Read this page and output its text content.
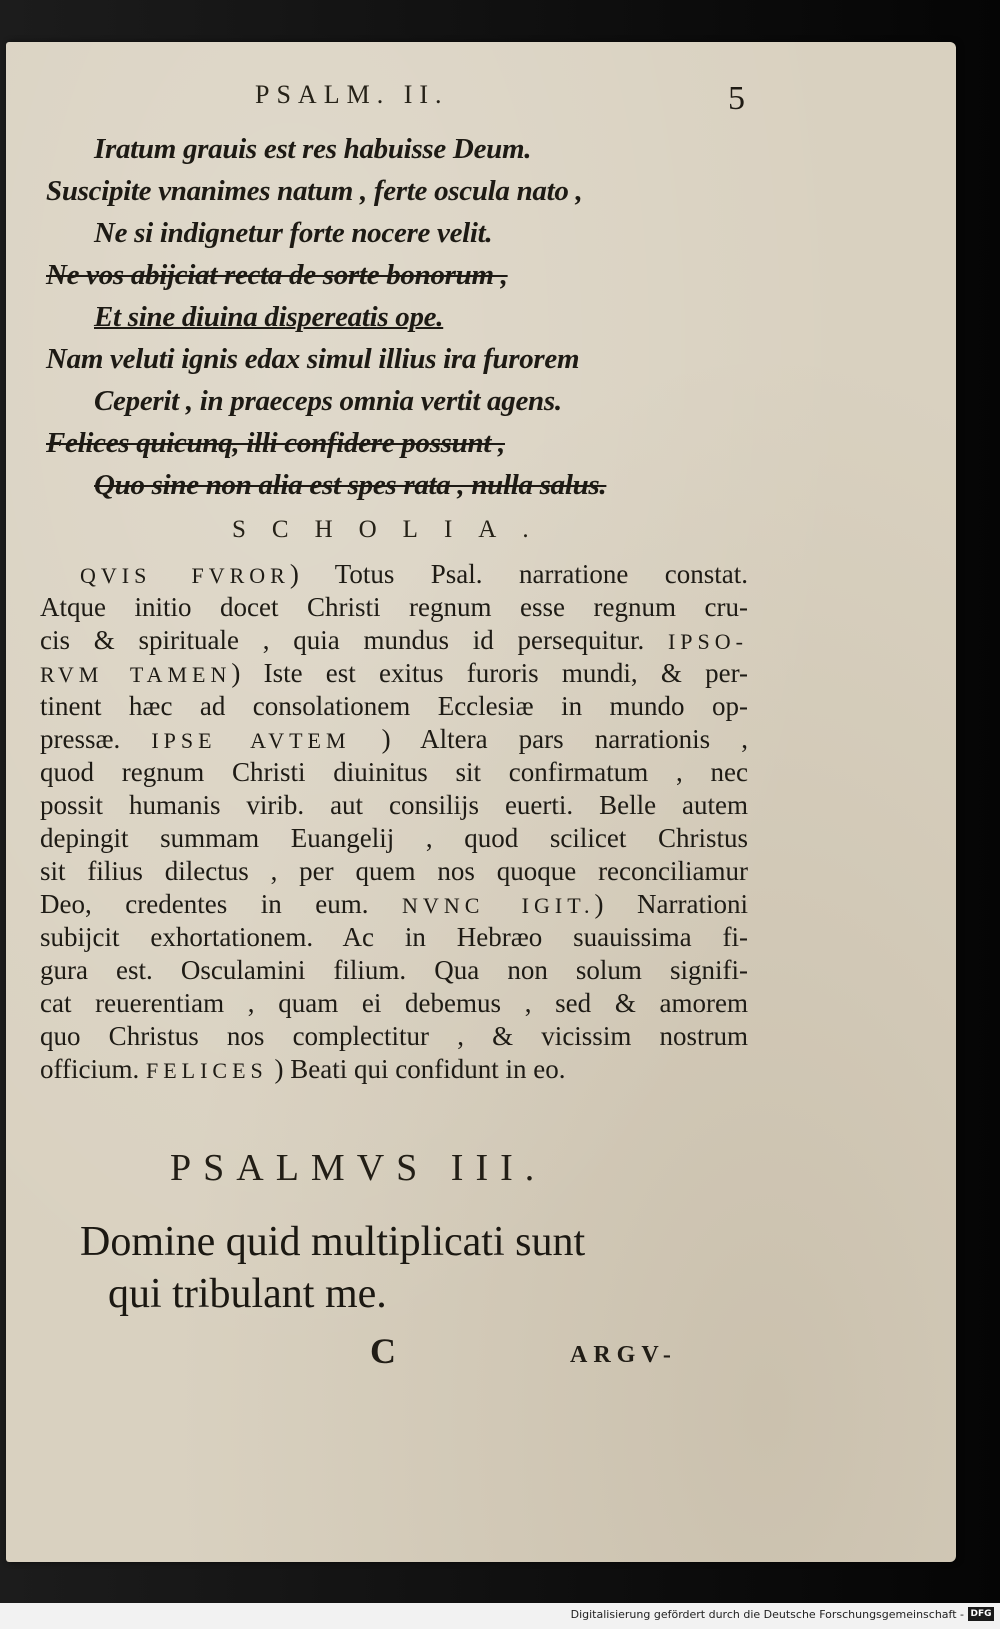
PSALM. II.	5
Iratum grauis est res habuisse Deum.
Suscipite vnanimes natum , ferte oscula nato ,
Ne si indignetur forte nocere velit.
Ne vos abijciat recta de sorte bonorum ,
Et sine diuina dispereatis ope.
Nam veluti ignis edax simul illius ira furorem
Ceperit , in praeceps omnia vertit agens.
Felices quicunq, illi confidere possunt ,
Quo sine non alia est spes rata , nulla salus.
SCHOLIA.
QVIS FVROR) Totus Psal. narratione constat.
Atque initio docet Christi regnum esse regnum cru-
cis & spirituale , quia mundus id persequitur. IPSO-
RVM TAMEN) Iste est exitus furoris mundi, & per-
tinent hæc ad consolationem Ecclesiæ in mundo op-
pressæ. IPSE AVTEM ) Altera pars narrationis ,
quod regnum Christi diuinitus sit confirmatum , nec
possit humanis virib. aut consilijs euerti. Belle autem
depingit summam Euangelij , quod scilicet Christus
sit filius dilectus , per quem nos quoque reconciliamur
Deo, credentes in eum. NVNC IGIT.) Narrationi
subijcit exhortationem. Ac in Hebræo suauissima fi-
gura est. Osculamini filium. Qua non solum signifi-
cat reuerentiam , quam ei debemus , sed & amorem
quo Christus nos complectitur , & vicissim nostrum
officium. FELICES ) Beati qui confidunt in eo.
PSALMVS III.
Domine quid multiplicati sunt
qui tribulant me.
C	ARGV-
Digitalisierung gefördert durch die Deutsche Forschungsgemeinschaft - DFG
